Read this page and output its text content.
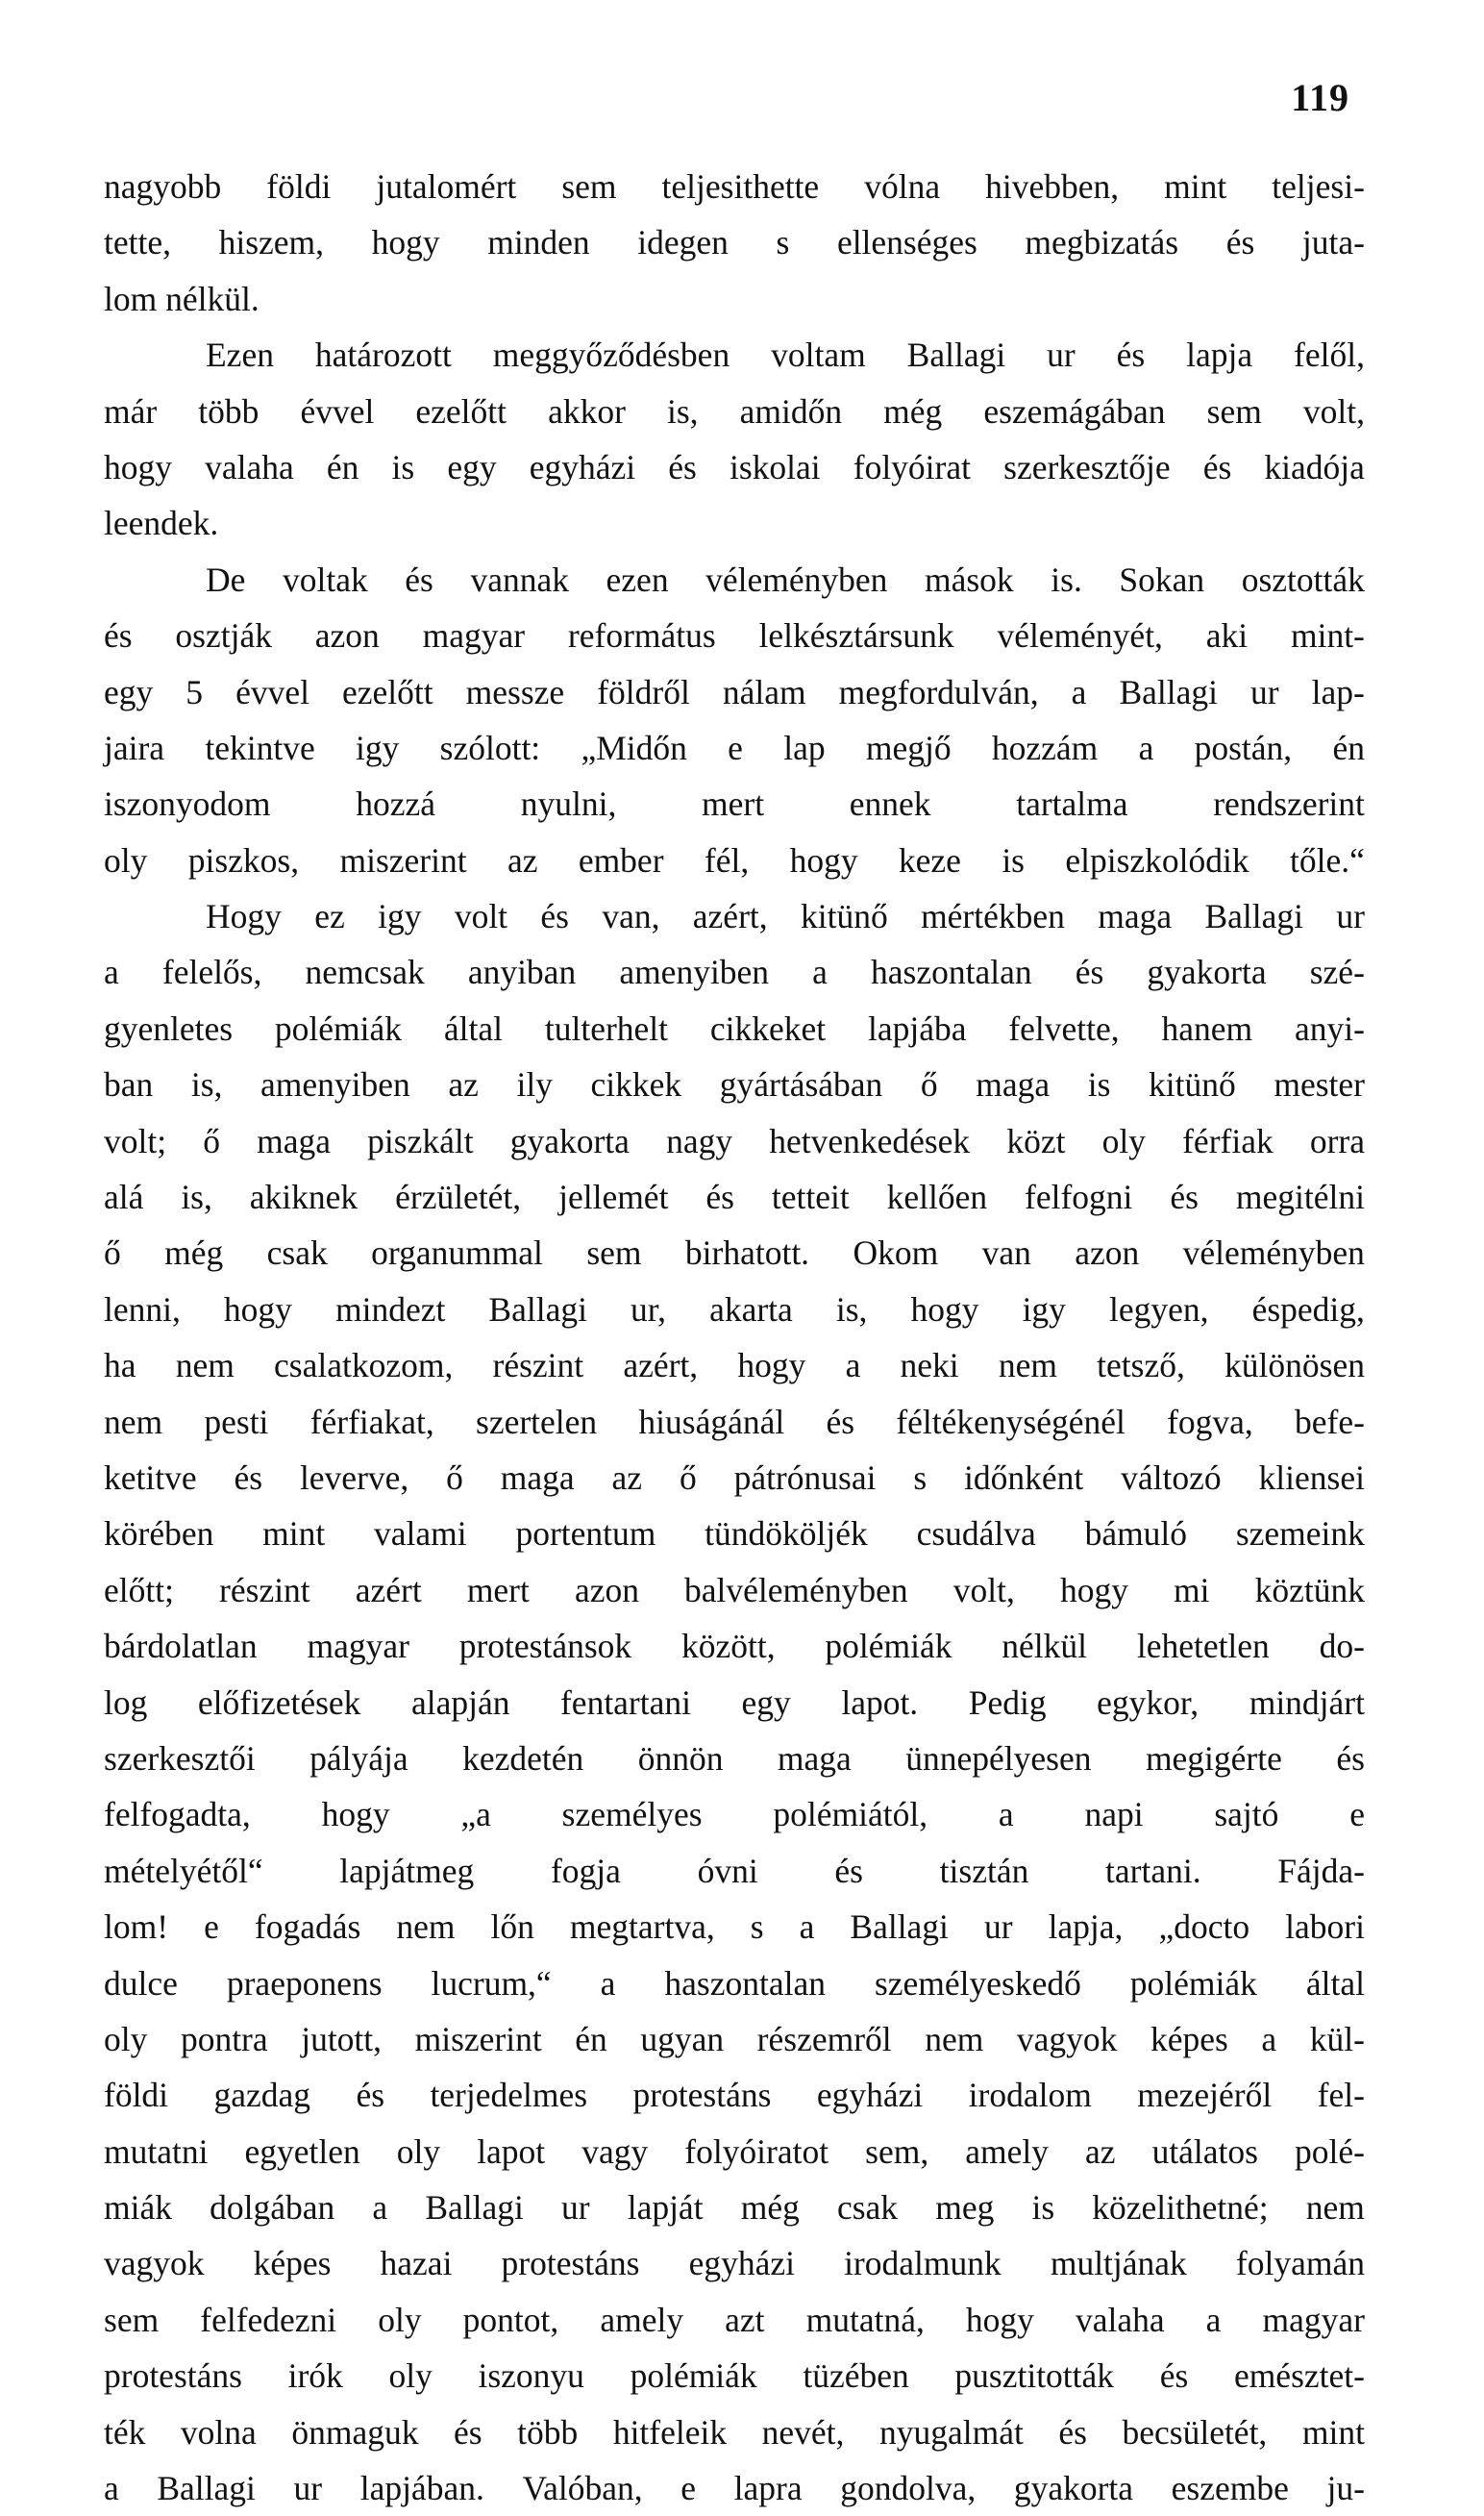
119
nagyobb földi jutalomért sem teljesithette vólna hivebben, mint teljesi-
tette, hiszem, hogy minden idegen s ellenséges megbizatás és juta-
lom
nélkül.
Ezen határozott meggyőződésben voltam Ballagi ur és lapja felől,
már több évvel ezelőtt akkor is, amidőn még eszemágában sem volt,
hogy valaha én is egy egyházi és iskolai folyóirat szerkesztője és kiadója
leendek.
De voltak és vannak ezen véleményben mások is. Sokan osztották
és osztják azon magyar református lelkésztársunk véleményét, aki mint-
egy 5 évvel ezelőtt messze földről nálam megfordulván, a Ballagi ur lap-
jaira tekintve igy szólott: „Midőn e lap megjő hozzám a postán, én
iszonyodom hozzá nyulni, mert ennek tartalma rendszerint
oly piszkos, miszerint az ember fél, hogy keze is elpiszkolódik tőle.“
Hogy ez igy volt és van, azért, kitünő mértékben maga Ballagi ur
a felelős, nemcsak anyiban amenyiben a haszontalan és gyakorta szé-
gyenletes polémiák által tulterhelt cikkeket lapjába felvette, hanem anyi-
ban is, amenyiben az ily cikkek gyártásában ő maga is kitünő mester
volt; ő maga piszkált gyakorta nagy hetvenkedések közt oly férfiak orra
alá is, akiknek érzületét, jellemét és tetteit kellően felfogni és megitélni
ő még csak organummal sem birhatott. Okom van azon véleményben
lenni, hogy mindezt Ballagi ur, akarta is, hogy igy legyen, éspedig,
ha nem csalatkozom, részint azért, hogy a neki nem tetsző, különösen
nem pesti férfiakat, szertelen hiuságánál és féltékenységénél fogva, befe-
ketitve és leverve, ő maga az ő pátrónusai s időnként változó kliensei
körében mint valami portentum tündököljék csudálva bámuló szemeink
előtt; részint azért mert azon balvéleményben volt, hogy mi köztünk
bárdolatlan magyar protestánsok között, polémiák nélkül lehetetlen do-
log előfizetések alapján fentartani egy lapot. Pedig egykor, mindjárt
szerkesztői pályája kezdetén önnön maga ünnepélyesen megigérte és
felfogadta, hogy „a személyes polémiától, a napi sajtó e
mételyétől“ lapjátmeg fogja óvni és tisztán tartani. Fájda-
lom! e fogadás nem lőn megtartva, s a Ballagi ur lapja, „docto labori
dulce praeponens lucrum,“ a haszontalan személyeskedő polémiák által
oly pontra jutott, miszerint én ugyan részemről nem vagyok képes a kül-
földi gazdag és terjedelmes protestáns egyházi irodalom mezejéről fel-
mutatni egyetlen oly lapot vagy folyóiratot sem, amely az utálatos polé-
miák dolgában a Ballagi ur lapját még csak meg is közelithetné; nem
vagyok képes hazai protestáns egyházi irodalmunk multjának folyamán
sem felfedezni oly pontot, amely azt mutatná, hogy valaha a magyar
protestáns irók oly iszonyu polémiák tüzében pusztitották és emésztet-
ték volna önmaguk és több hitfeleik nevét, nyugalmát és becsületét, mint
a Ballagi ur lapjában. Valóban, e lapra gondolva, gyakorta eszembe ju-
